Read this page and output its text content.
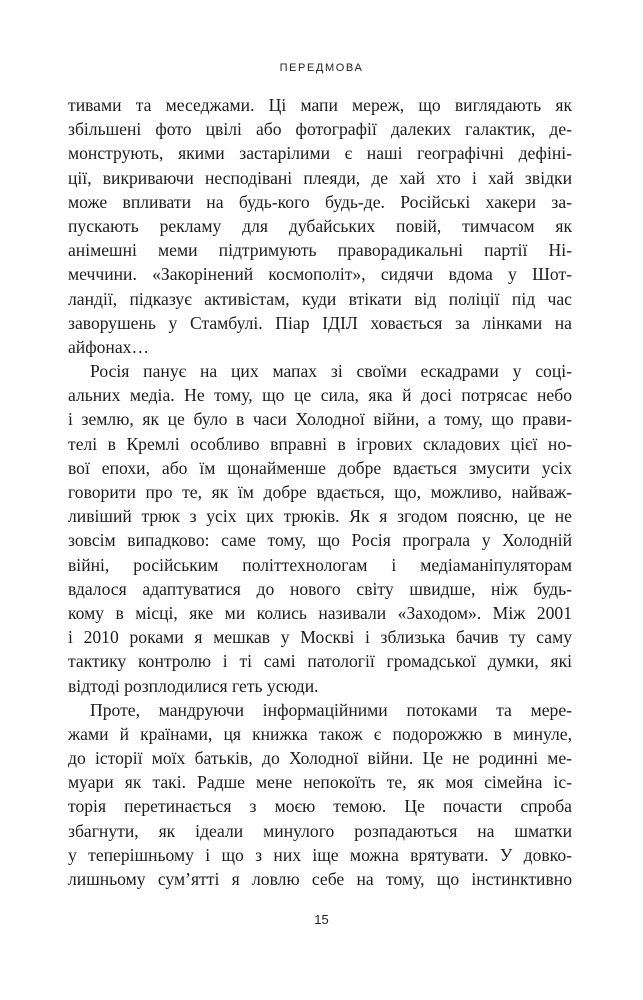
ПЕРЕДМОВА
тивами та меседжами. Ці мапи мереж, що виглядають як
збільшені фото цвілі або фотографії далеких галактик, де-
монструють, якими застарілими є наші географічні дефіні-
ції, викриваючи несподівані плеяди, де хай хто і хай звідки
може впливати на будь-кого будь-де. Російські хакери за-
пускають рекламу для дубайських повій, тимчасом як
анімешні меми підтримують праворадикальні партії Ні-
меччини. «Закорінений космополіт», сидячи вдома у Шот-
ландії, підказує активістам, куди втікати від поліції під час
заворушень у Стамбулі. Піар ІДІЛ ховається за лінками на
айфонах…
Росія панує на цих мапах зі своїми ескадрами у соці-
альних медіа. Не тому, що це сила, яка й досі потрясає небо
і землю, як це було в часи Холодної війни, а тому, що прави-
телі в Кремлі особливо вправні в ігрових складових цієї но-
вої епохи, або їм щонайменше добре вдається змусити усіх
говорити про те, як їм добре вдається, що, можливо, найваж-
ливіший трюк з усіх цих трюків. Як я згодом поясню, це не
зовсім випадково: саме тому, що Росія програла у Холодній
війні, російським політтехнологам і медіаманіпуляторам
вдалося адаптуватися до нового світу швидше, ніж будь-
кому в місці, яке ми колись називали «Заходом». Між 2001
і 2010 роками я мешкав у Москві і зблизька бачив ту саму
тактику контролю і ті самі патології громадської думки, які
відтоді розплодилися геть усюди.
Проте, мандруючи інформаційними потоками та мере-
жами й країнами, ця книжка також є подорожжю в минуле,
до історії моїх батьків, до Холодної війни. Це не родинні ме-
муари як такі. Радше мене непокоїть те, як моя сімейна іс-
торія перетинається з моєю темою. Це почасти спроба
збагнути, як ідеали минулого розпадаються на шматки
у теперішньому і що з них іще можна врятувати. У довко-
лишньому сум’ятті я ловлю себе на тому, що інстинктивно
15
